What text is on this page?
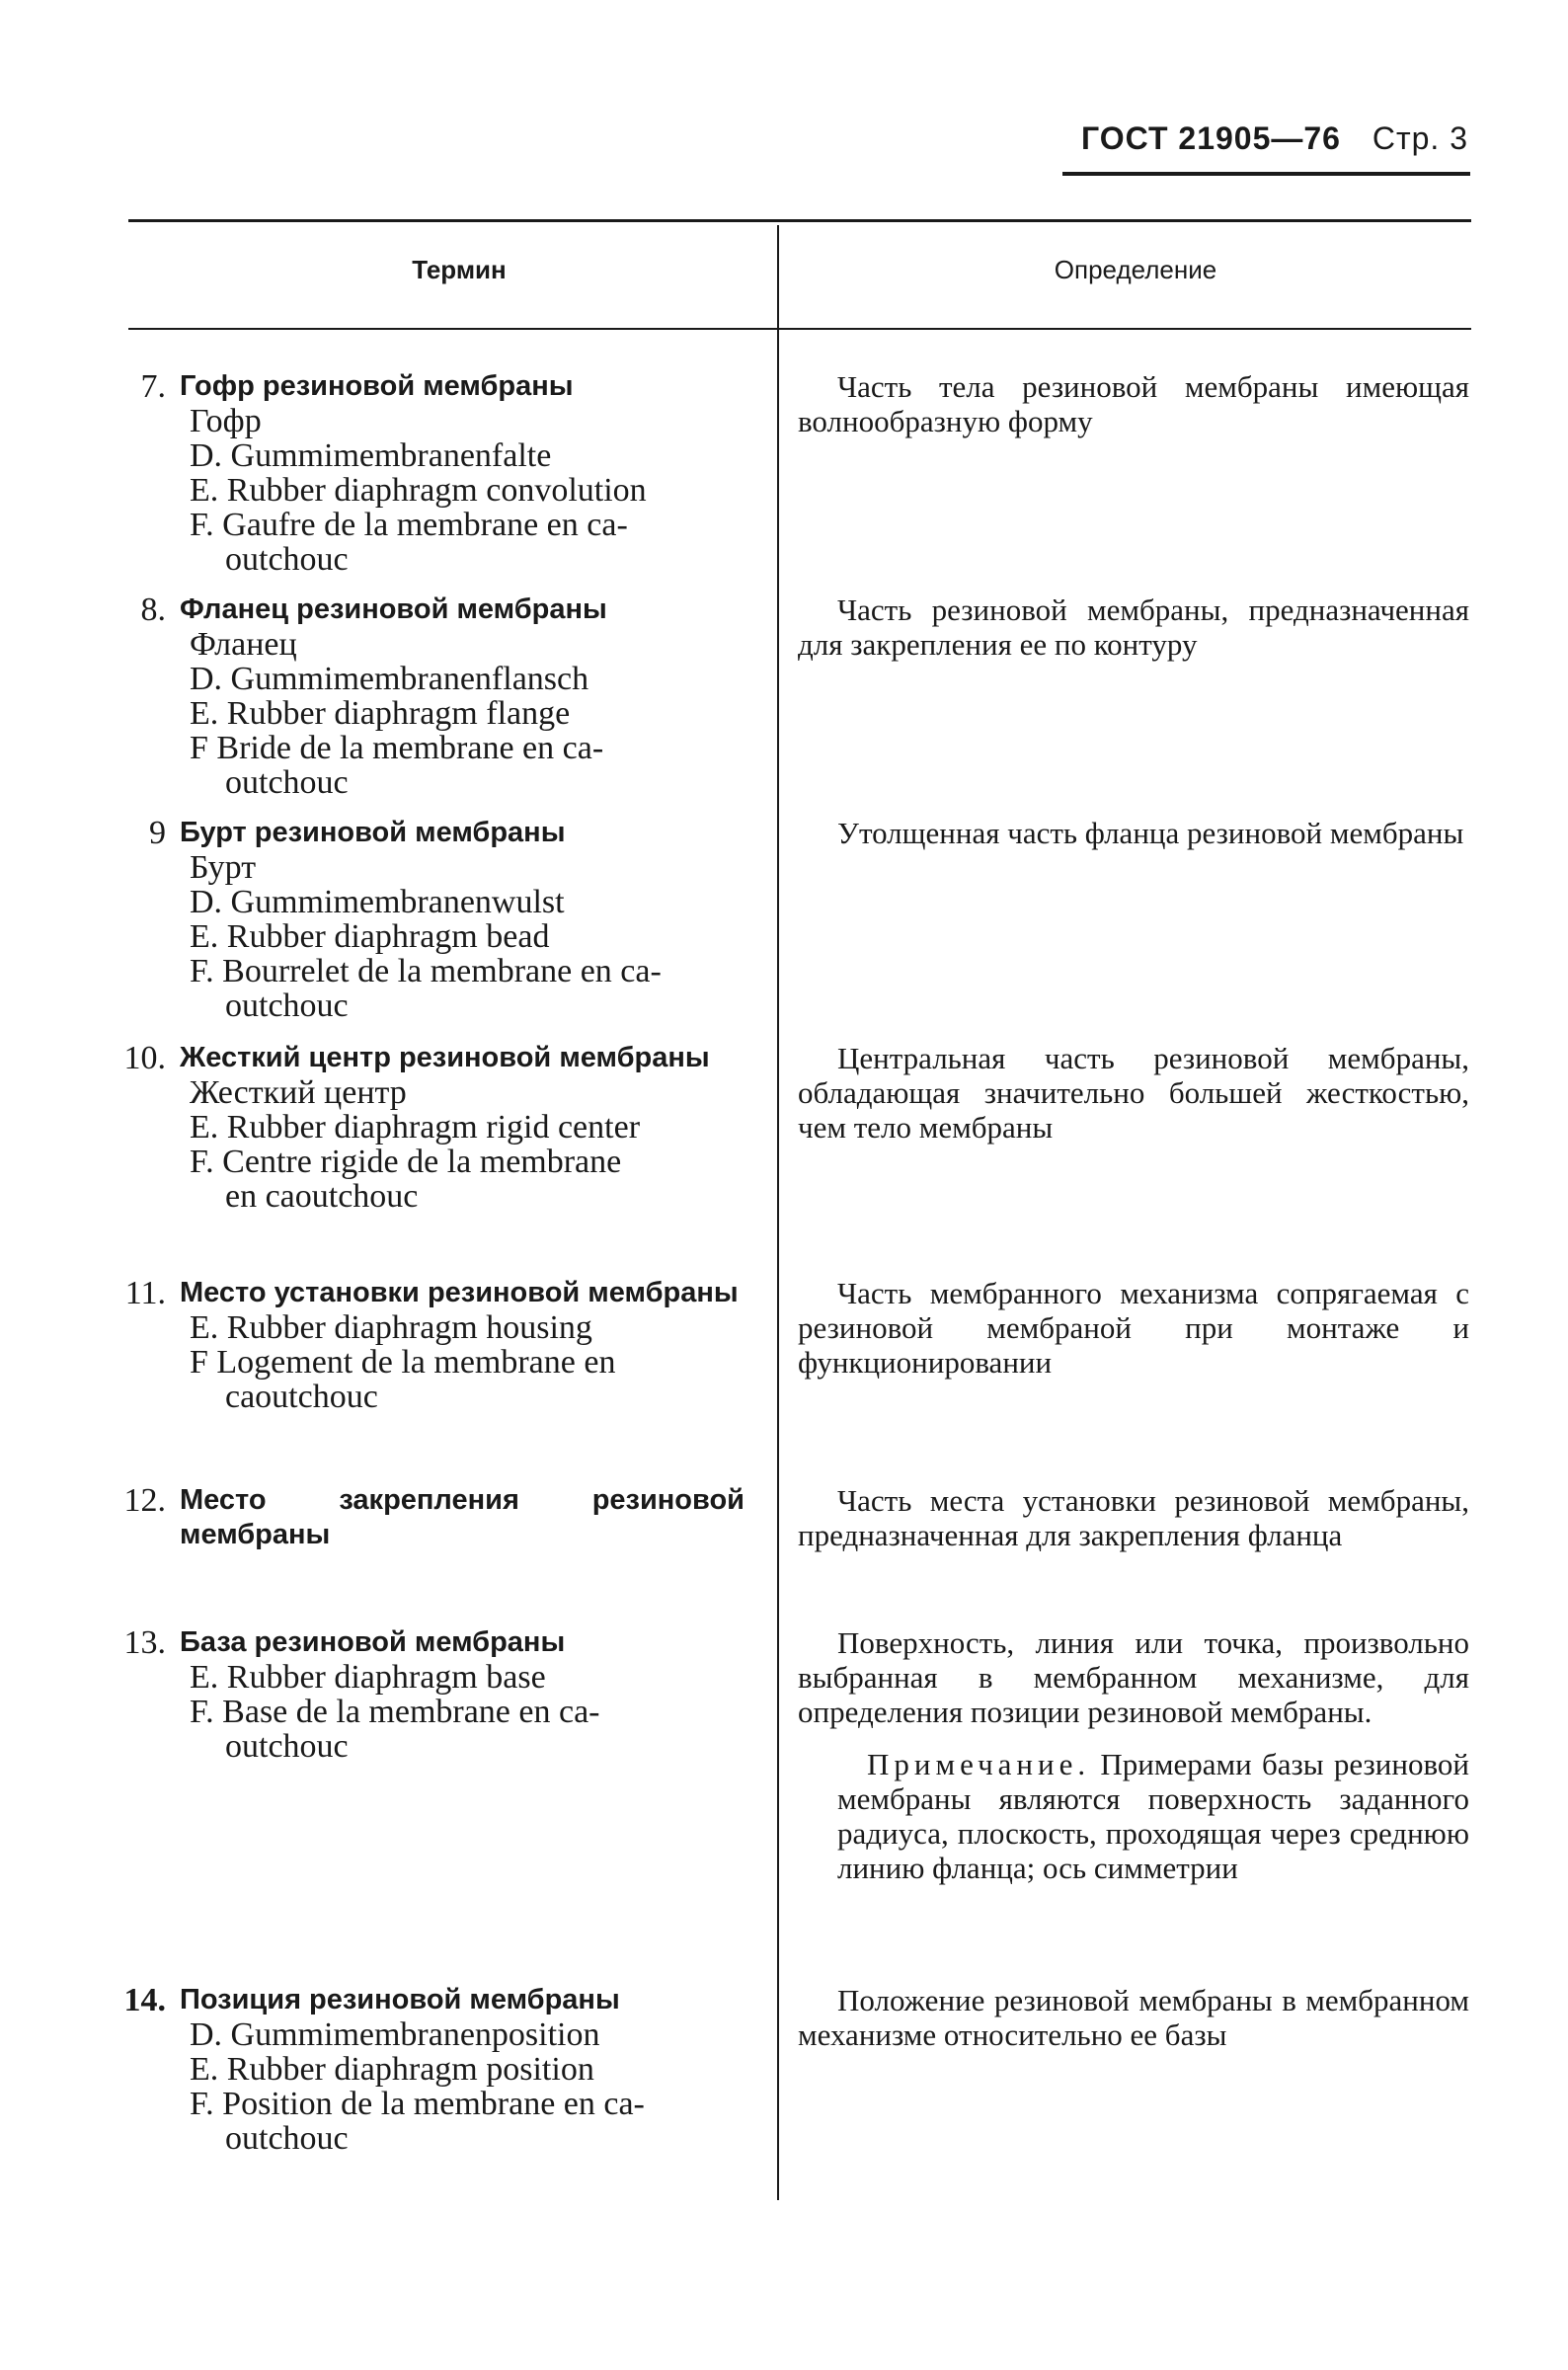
ГОСТ 21905—76 Стр. 3
Термин	Определение
7. Гофр резиновой мембраны
Гофр
D. Gummimembranenfalte
E. Rubber diaphragm convolution
F. Gaufre de la membrane en ca-
outchouc
Часть тела резиновой мембраны имеющая волнообразную форму
8. Фланец резиновой мембраны
Фланец
D. Gummimembranenflansch
E. Rubber diaphragm flange
F Bride de la membrane en ca-
outchouc
Часть резиновой мембраны, предназначенная для закрепления ее по контуру
9 Бурт резиновой мембраны
Бурт
D. Gummimembranenwulst
E. Rubber diaphragm bead
F. Bourrelet de la membrane en ca-
outchouc
Утолщенная часть фланца резиновой мембраны
10. Жесткий центр резиновой мембраны
Жесткий центр
E. Rubber diaphragm rigid center
F. Centre rigide de la membrane
en caoutchouc
Центральная часть резиновой мембраны, обладающая значительно большей жесткостью, чем тело мембраны
11. Место установки резиновой мембраны
E. Rubber diaphragm housing
F Logement de la membrane en
caoutchouc
Часть мембранного механизма сопрягаемая с резиновой мембраной при монтаже и функционировании
12. Место закрепления резиновой мембраны
Часть места установки резиновой мембраны, предназначенная для закрепления фланца
13. База резиновой мембраны
E. Rubber diaphragm base
F. Base de la membrane en ca-
outchouc
Поверхность, линия или точка, произвольно выбранная в мембранном механизме, для определения позиции резиновой мембраны.
Примечание. Примерами базы резиновой мембраны являются поверхность заданного радиуса, плоскость, проходящая через среднюю линию фланца; ось симметрии
14. Позиция резиновой мембраны
D. Gummimembranenposition
E. Rubber diaphragm position
F. Position de la membrane en ca-
outchouc
Положение резиновой мембраны в мембранном механизме относительно ее базы
